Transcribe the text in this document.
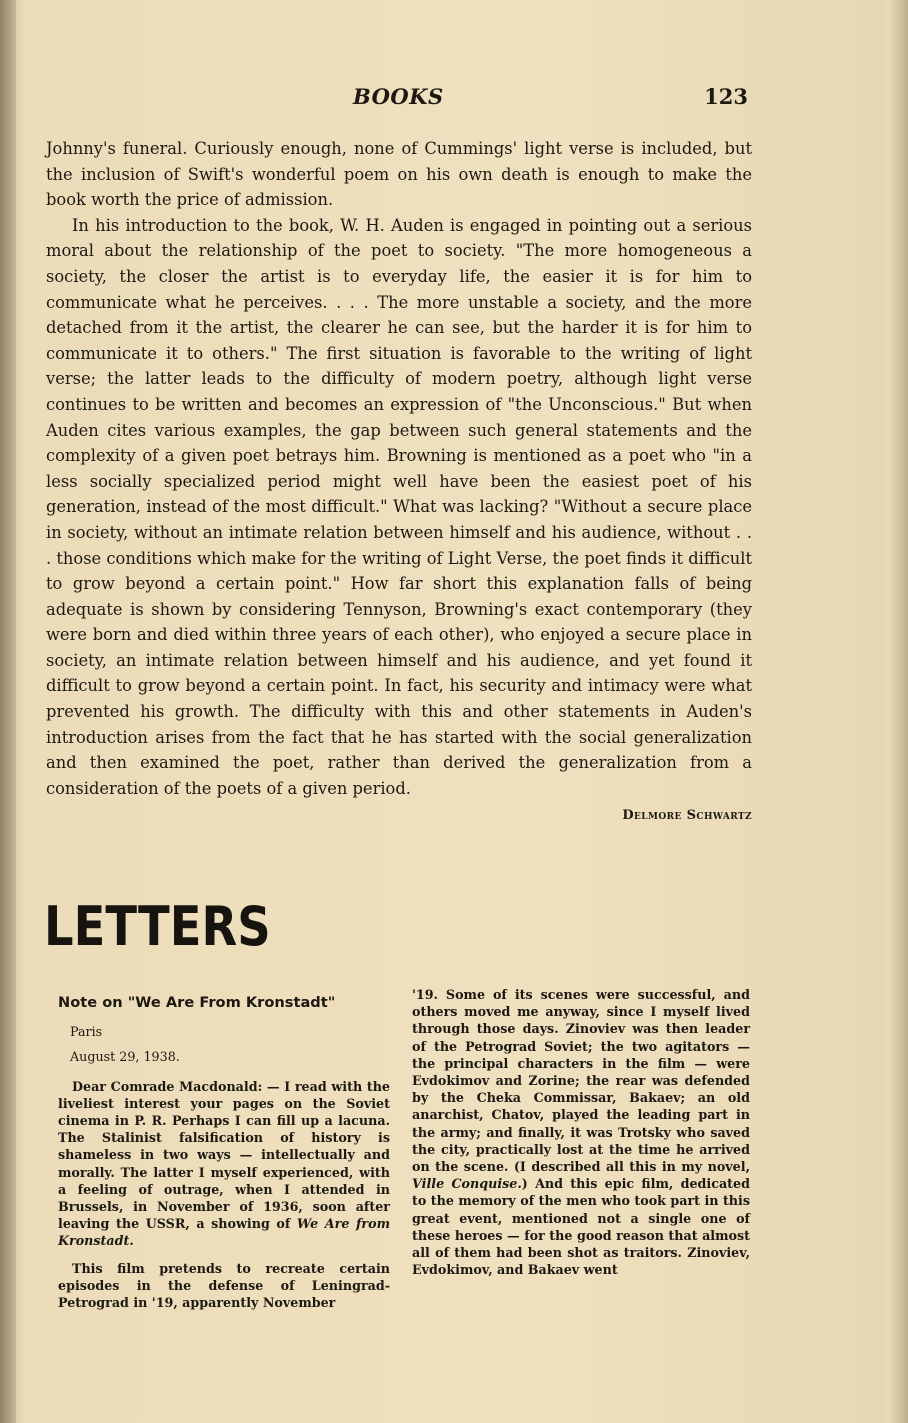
BOOKS	123

Johnny's funeral. Curiously enough, none of Cummings' light verse is included, but the inclusion of Swift's wonderful poem on his own death is enough to make the book worth the price of admission.

In his introduction to the book, W. H. Auden is engaged in pointing out a serious moral about the relationship of the poet to society. "The more homogeneous a society, the closer the artist is to everyday life, the easier it is for him to communicate what he perceives. . . . The more unstable a society, and the more detached from it the artist, the clearer he can see, but the harder it is for him to communicate it to others." The first situation is favorable to the writing of light verse; the latter leads to the difficulty of modern poetry, although light verse continues to be written and becomes an expression of "the Unconscious." But when Auden cites various examples, the gap between such general statements and the complexity of a given poet betrays him. Browning is mentioned as a poet who "in a less socially specialized period might well have been the easiest poet of his generation, instead of the most difficult." What was lacking? "Without a secure place in society, without an intimate relation between himself and his audience, without . . . those conditions which make for the writing of Light Verse, the poet finds it difficult to grow beyond a certain point." How far short this explanation falls of being adequate is shown by considering Tennyson, Browning's exact contemporary (they were born and died within three years of each other), who enjoyed a secure place in society, an intimate relation between himself and his audience, and yet found it difficult to grow beyond a certain point. In fact, his security and intimacy were what prevented his growth. The difficulty with this and other statements in Auden's introduction arises from the fact that he has started with the social generalization and then examined the poet, rather than derived the generalization from a consideration of the poets of a given period.

Delmore Schwartz
LETTERS
Note on "We Are From Kronstadt"
Paris
August 29, 1938.

Dear Comrade Macdonald: — I read with the liveliest interest your pages on the Soviet cinema in P. R. Perhaps I can fill up a lacuna. The Stalinist falsification of history is shameless in two ways — intellectually and morally. The latter I myself experienced, with a feeling of outrage, when I attended in Brussels, in November of 1936, soon after leaving the USSR, a showing of We Are from Kronstadt.

This film pretends to recreate certain episodes in the defense of Leningrad-Petrograd in '19, apparently November

'19. Some of its scenes were successful, and others moved me anyway, since I myself lived through those days. Zinoviev was then leader of the Petrograd Soviet; the two agitators — the principal characters in the film — were Evdokimov and Zorine; the rear was defended by the Cheka Commissar, Bakaev; an old anarchist, Chatov, played the leading part in the army; and finally, it was Trotsky who saved the city, practically lost at the time he arrived on the scene. (I described all this in my novel, Ville Conquise.) And this epic film, dedicated to the memory of the men who took part in this great event, mentioned not a single one of these heroes — for the good reason that almost all of them had been shot as traitors. Zinoviev, Evdokimov, and Bakaev went
